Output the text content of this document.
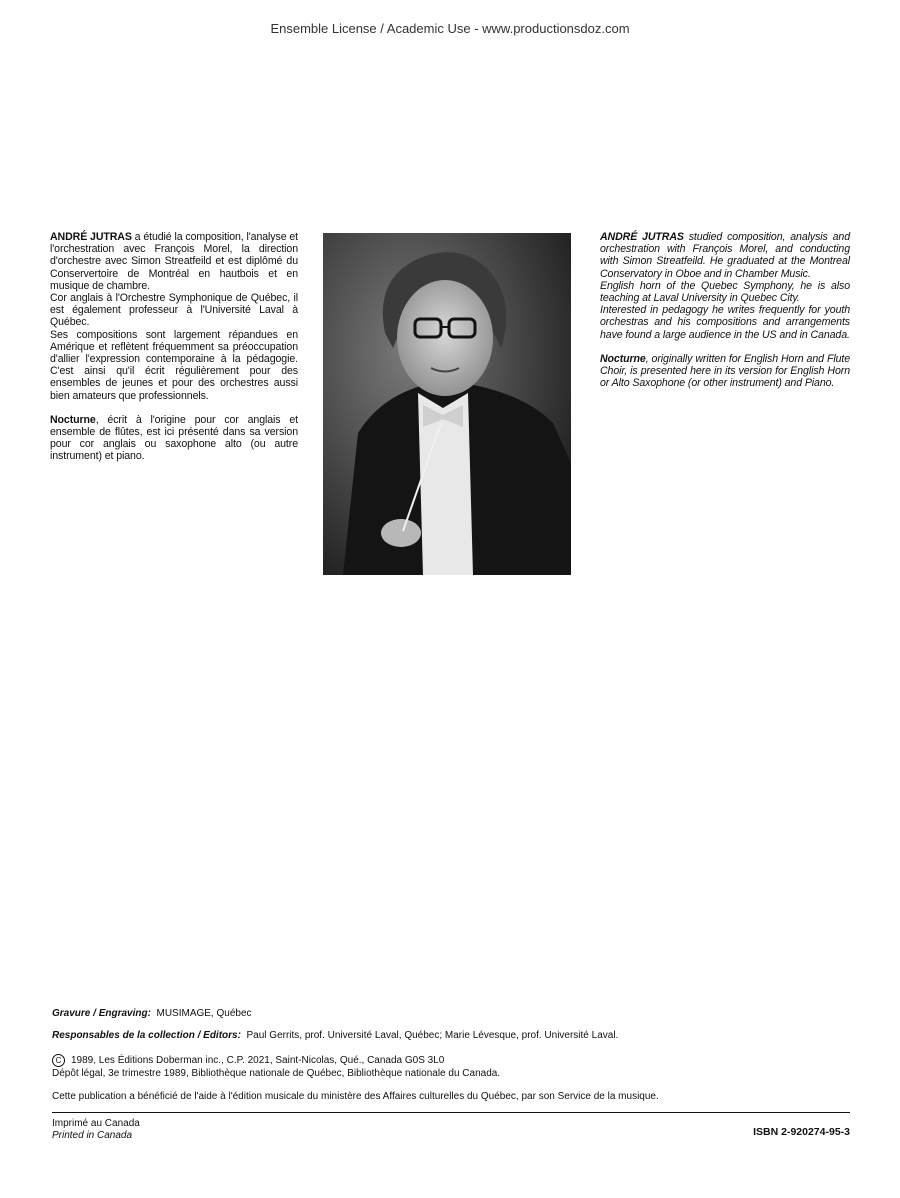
Ensemble License / Academic Use - www.productionsdoz.com

ANDRÉ JUTRAS a étudié la composition, l'analyse et l'orchestration avec François Morel, la direction d'orchestre avec Simon Streatfeild et est diplômé du Conservertoire de Montréal en hautbois et en musique de chambre.

Cor anglais à l'Orchestre Symphonique de Québec, il est également professeur à l'Université Laval à Québec.

Ses compositions sont largement répandues en Amérique et reflètent fréquemment sa préoccupation d'allier l'expression contemporaine à la pédagogie. C'est ainsi qu'il écrit régulièrement pour des ensembles de jeunes et pour des orchestres aussi bien amateurs que professionnels.

Nocturne, écrit à l'origine pour cor anglais et ensemble de flûtes, est ici présenté dans sa version pour cor anglais ou saxophone alto (ou autre instrument) et piano.

ANDRÉ JUTRAS studied composition, analysis and orchestration with François Morel, and conducting with Simon Streatfeild. He graduated at the Montreal Conservatory in Oboe and in Chamber Music.

English horn of the Quebec Symphony, he is also teaching at Laval University in Quebec City.

Interested in pedagogy he writes frequently for youth orchestras and his compositions and arrangements have found a large audience in the US and in Canada.

Nocturne, originally written for English Horn and Flute Choir, is presented here in its version for English Horn or Alto Saxophone (or other instrument) and Piano.

Gravure / Engraving: MUSIMAGE, Québec
Responsables de la collection / Editors: Paul Gerrits, prof. Université Laval, Québec; Marie Lévesque, prof. Université Laval.
C 1989, Les Éditions Doberman inc., C.P. 2021, Saint-Nicolas, Qué., Canada G0S 3L0
Dépôt légal, 3e trimestre 1989, Bibliothèque nationale de Québec, Bibliothèque nationale du Canada.
Cette publication a bénéficié de l'aide à l'édition musicale du ministère des Affaires culturelles du Québec, par son Service de la musique.
Imprimé au Canada
Printed in Canada	ISBN 2-920274-95-3
